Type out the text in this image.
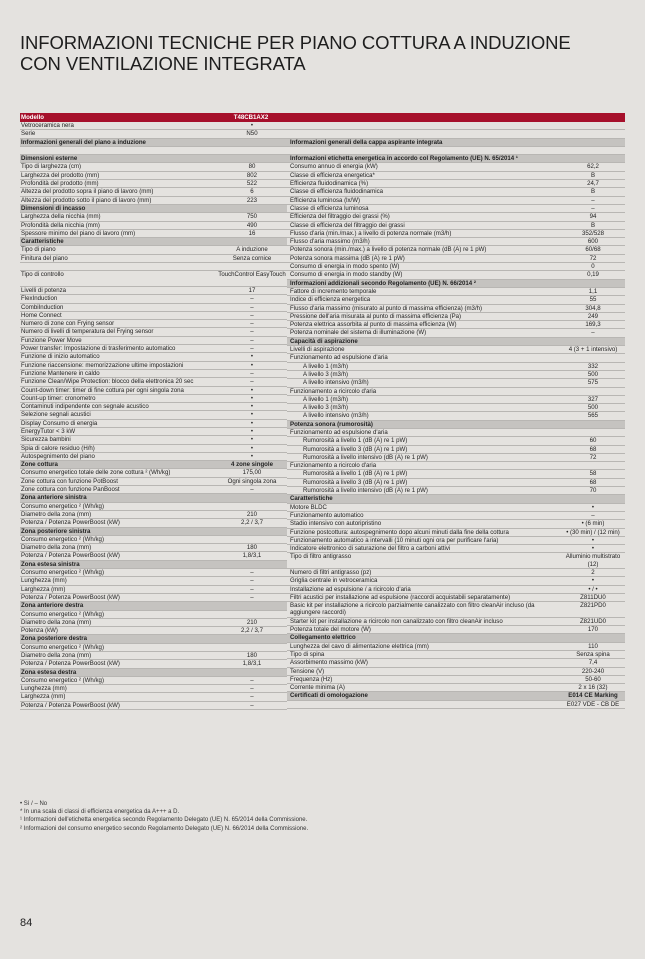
INFORMAZIONI TECNICHE PER PIANO COTTURA A INDUZIONE
CON VENTILAZIONE INTEGRATA
Modello	T48CB1AX2
Vetroceramica nera	•
Serie	N50
Informazioni generali del piano a induzione
Dimensioni esterne
Tipo di larghezza (cm)	80
Larghezza del prodotto (mm)	802
Profondità del prodotto (mm)	522
Altezza del prodotto sopra il piano di lavoro (mm)	6
Altezza del prodotto sotto il piano di lavoro (mm)	223
Dimensioni di incasso
Larghezza della nicchia (mm)	750
Profondità della nicchia (mm)	490
Spessore minimo del piano di lavoro (mm)	16
Caratteristiche
Tipo di piano	A induzione
Finitura del piano	Senza cornice
Tipo di controllo	TouchControl EasyTouch
Livelli di potenza	17
FlexInduction	–
CombiInduction	–
Home Connect	–
Numero di zone con Frying sensor	–
Numero di livelli di temperatura del Frying sensor	–
Funzione Power Move	–
Power transfer: Impostazione di trasferimento automatico	–
Funzione di inizio automatico	•
Funzione riaccensione: memorizzazione ultime impostazioni	•
Funzione Mantenere in caldo	–
Funzione Clean/Wipe Protection: blocco della elettronica 20 sec	–
Count-down timer: timer di fine cottura per ogni singola zona	•
Count-up timer: cronometro	•
Contaminuti indipendente con segnale acustico	•
Selezione segnali acustici	•
Display Consumo di energia	•
EnergyTutor < 3 kW	•
Sicurezza bambini	•
Spia di calore residuo (H/h)	•
Autospegnimento del piano	•
Zone cottura	4 zone singole
Consumo energetico totale delle zone cottura ² (Wh/kg)	175,00
Zone cottura con funzione PotBoost	Ogni singola zona
Zone cottura con funzione PanBoost	–
Zona anteriore sinistra
Consumo energetico ² (Wh/kg)
Diametro della zona (mm)	210
Potenza / Potenza PowerBoost (kW)	2,2 / 3,7
Zona posteriore sinistra
Consumo energetico ² (Wh/kg)
Diametro della zona (mm)	180
Potenza / Potenza PowerBoost (kW)	1,8/3,1
Zona estesa sinistra
Consumo energetico ² (Wh/kg)	–
Lunghezza (mm)	–
Larghezza (mm)	–
Potenza / Potenza PowerBoost (kW)	–
Zona anteriore destra
Consumo energetico ² (Wh/kg)
Diametro della zona (mm)	210
Potenza (kW)	2,2 / 3,7
Zona posteriore destra
Consumo energetico ² (Wh/kg)
Diametro della zona (mm)	180
Potenza / Potenza PowerBoost (kW)	1,8/3,1
Zona estesa destra
Consumo energetico ² (Wh/kg)	–
Lunghezza (mm)	–
Larghezza (mm)	–
Potenza / Potenza PowerBoost (kW)	–
Informazioni generali della cappa aspirante integrata
Informazioni etichetta energetica in accordo col Regolamento (UE) N. 65/2014 ¹
Consumo annuo di energia (kW)	62,2
Classe di efficienza energetica*	B
Efficienza fluidodinamica (%)	24,7
Classe di efficienza fluidodinamica	B
Efficienza luminosa (lx/W)	–
Classe di efficienza luminosa	–
Efficienza del filtraggio dei grassi (%)	94
Classe di efficienza del filtraggio dei grassi	B
Flusso d'aria (min./max.) a livello di potenza normale (m3/h)	352/528
Flusso d'aria massimo (m3/h)	600
Potenza sonora (min./max.) a livello di potenza normale (dB (A) re 1 pW)	60/68
Potenza sonora massima (dB (A) re 1 pW)	72
Consumo di energia in modo spento (W)	0
Consumo di energia in modo standby (W)	0,19
Informazioni addizionali secondo Regolamento (UE) N. 66/2014 ²
Fattore di incremento temporale	1,1
Indice di efficienza energetica	55
Flusso d'aria massimo (misurato al punto di massima efficienza) (m3/h)	304,8
Pressione dell'aria misurata al punto di massima efficienza (Pa)	249
Potenza elettrica assorbita al punto di massima efficienza (W)	169,3
Potenza nominale del sistema di illuminazione (W)	–
Capacità di aspirazione
Livelli di aspirazione	4 (3 + 1 intensivo)
Funzionamento ad espulsione d'aria
A livello 1 (m3/h)	332
A livello 3 (m3/h)	500
A livello intensivo (m3/h)	575
Funzionamento a ricircolo d'aria
A livello 1 (m3/h)	327
A livello 3 (m3/h)	500
A livello intensivo (m3/h)	565
Potenza sonora (rumorosità)
Funzionamento ad espulsione d'aria
Rumorosità a livello 1 (dB (A) re 1 pW)	60
Rumorosità a livello 3 (dB (A) re 1 pW)	68
Rumorosità a livello intensivo (dB (A) re 1 pW)	72
Funzionamento a ricircolo d'aria
Rumorosità a livello 1 (dB (A) re 1 pW)	58
Rumorosità a livello 3 (dB (A) re 1 pW)	68
Rumorosità a livello intensivo (dB (A) re 1 pW)	70
Caratteristiche
Motore BLDC	•
Funzionamento automatico	–
Stadio intensivo con autoripristino	• (6 min)
Funzione postcottura: autospegnimento dopo alcuni minuti dalla fine della cottura	• (30 min) / (12 min)
Funzionamento automatico a intervalli (10 minuti ogni ora per purificare l'aria)	•
Indicatore elettronico di saturazione del filtro a carboni attivi	•
Tipo di filtro antigrasso	Alluminio multistrato (12)
Numero di filtri antigrasso (pz)	2
Griglia centrale in vetroceramica	•
Installazione ad espulsione / a ricircolo d'aria	• / •
Filtri acustici per installazione ad espulsione (raccordi acquistabili separatamente)	Z811DU0
Basic kit per installazione a ricircolo parzialmente canalizzato con filtro cleanAir incluso (da aggiungere raccordi)
Z821PD0
Starter kit per installazione a ricircolo non canalizzato con filtro cleanAir incluso	Z821UD0
Potenza totale del motore (W)	170
Collegamento elettrico
Lunghezza del cavo di alimentazione elettrica (mm)	110
Tipo di spina	Senza spina
Assorbimento massimo (kW)	7,4
Tensione (V)	220-240
Frequenza (Hz)	50-60
Corrente minima (A)	2 x 16 (32)
Certificati di omologazione	E014 CE Marking
E027 VDE - CB DE
• Sì / – No
* In una scala di classi di efficienza energetica da A+++ a D.
¹ Informazioni dell'etichetta energetica secondo Regolamento Delegato (UE) N. 65/2014 della Commissione.
² Informazioni del consumo energetico secondo Regolamento Delegato (UE) N. 66/2014 della Commissione.
84
